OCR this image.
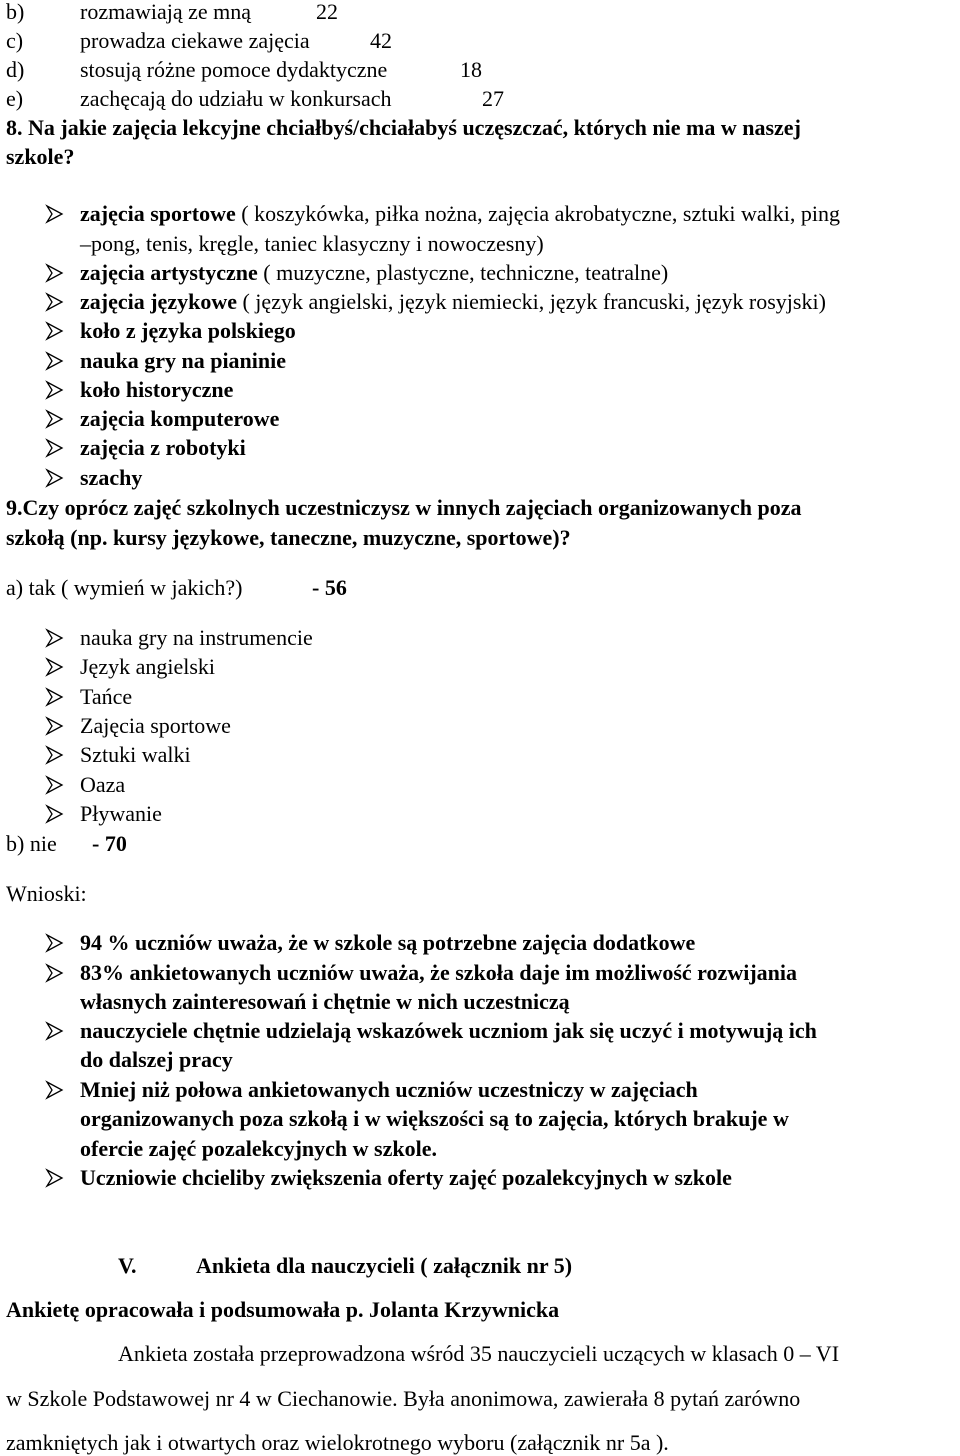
b)	rozmawiają ze mną	22
c)	prowadza ciekawe zajęcia	42
d)	stosują różne pomoce dydaktyczne	18
e)	zachęcają do udziału w konkursach	27
8. Na jakie zajęcia lekcyjne chciałbyś/chciałabyś uczęszczać, których nie ma w naszej
szkole?
zajęcia sportowe ( koszykówka, piłka nożna, zajęcia akrobatyczne, sztuki walki, ping
–pong, tenis, kręgle, taniec klasyczny i nowoczesny)
zajęcia artystyczne ( muzyczne, plastyczne, techniczne, teatralne)
zajęcia językowe ( język angielski, język niemiecki, język francuski, język rosyjski)
koło z języka polskiego
nauka gry na pianinie
koło historyczne
zajęcia komputerowe
zajęcia z robotyki
szachy
9.Czy oprócz zajęć szkolnych uczestniczysz w innych zajęciach organizowanych poza
szkołą (np. kursy językowe, taneczne, muzyczne, sportowe)?
a) tak ( wymień w jakich?)	- 56
nauka gry na instrumencie
Język angielski
Tańce
Zajęcia sportowe
Sztuki walki
Oaza
Pływanie
b) nie - 70
Wnioski:
94 % uczniów uważa, że w szkole są potrzebne zajęcia dodatkowe
83% ankietowanych uczniów uważa, że szkoła daje im możliwość rozwijania
własnych zainteresowań i chętnie w nich uczestniczą
nauczyciele chętnie udzielają wskazówek uczniom jak się uczyć i motywują ich
do dalszej pracy
Mniej niż połowa ankietowanych uczniów uczestniczy w zajęciach
organizowanych poza szkołą i w większości są to zajęcia, których brakuje w
ofercie zajęć pozalekcyjnych w szkole.
Uczniowie chcieliby zwiększenia oferty zajęć pozalekcyjnych w szkole
V.	Ankieta dla nauczycieli ( załącznik nr 5)
Ankietę opracowała i podsumowała p. Jolanta Krzywnicka
Ankieta została przeprowadzona wśród 35 nauczycieli uczących w klasach 0 – VI
w Szkole Podstawowej nr 4 w Ciechanowie. Była anonimowa, zawierała 8 pytań zarówno
zamkniętych jak i otwartych oraz wielokrotnego wyboru (załącznik nr 5a ).
